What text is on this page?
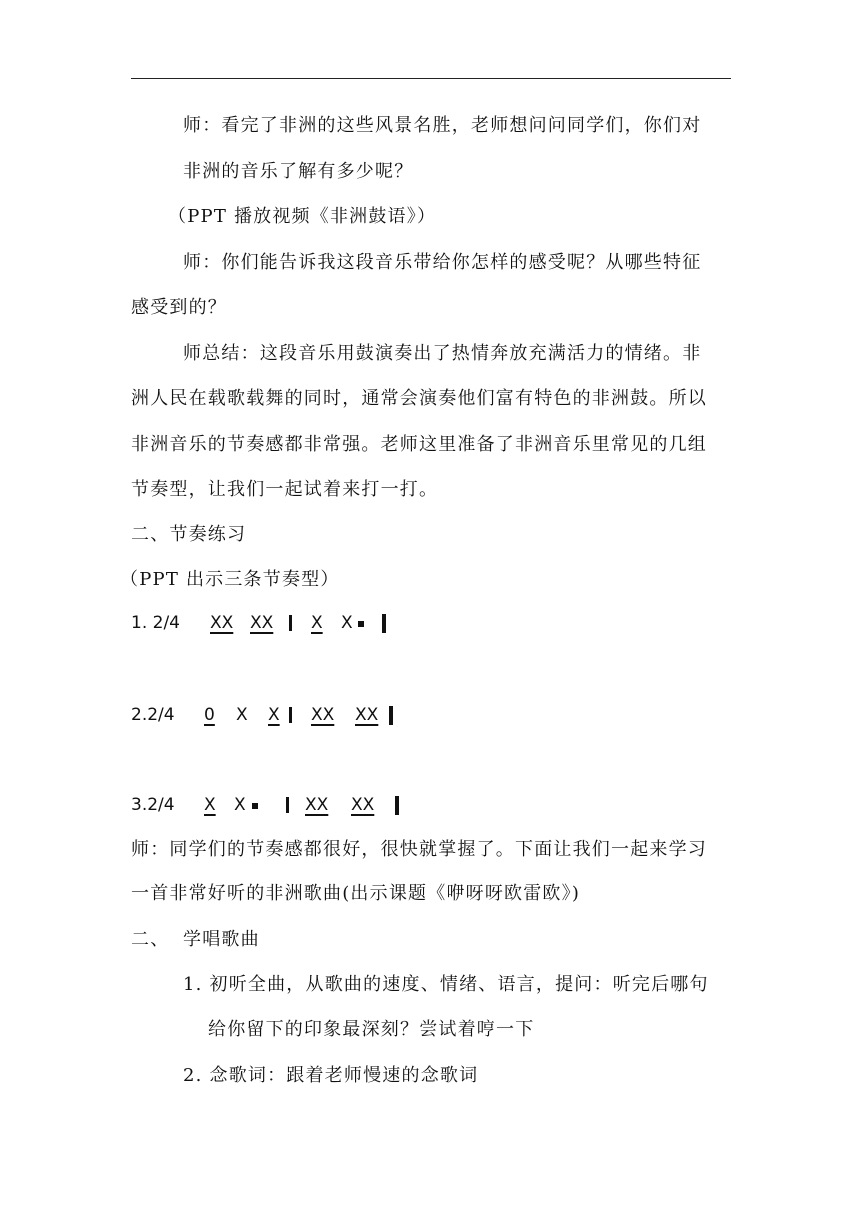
师：看完了非洲的这些风景名胜，老师想问问同学们，你们对
非洲的音乐了解有多少呢？
（PPT 播放视频《非洲鼓语》）
师：你们能告诉我这段音乐带给你怎样的感受呢？从哪些特征
感受到的？
师总结：这段音乐用鼓演奏出了热情奔放充满活力的情绪。非
洲人民在载歌载舞的同时，通常会演奏他们富有特色的非洲鼓。所以
非洲音乐的节奏感都非常强。老师这里准备了非洲音乐里常见的几组
节奏型，让我们一起试着来打一打。
二、节奏练习
（PPT 出示三条节奏型）
1. 2/4 XX XX X X
2.2/4 0 X X XX XX
3.2/4 X X	XX XX
师：同学们的节奏感都很好，很快就掌握了。下面让我们一起来学习
一首非常好听的非洲歌曲(出示课题《咿呀呀欧雷欧》)
二、 学唱歌曲
1. 初听全曲，从歌曲的速度、情绪、语言，提问：听完后哪句
给你留下的印象最深刻？尝试着哼一下
2. 念歌词：跟着老师慢速的念歌词
